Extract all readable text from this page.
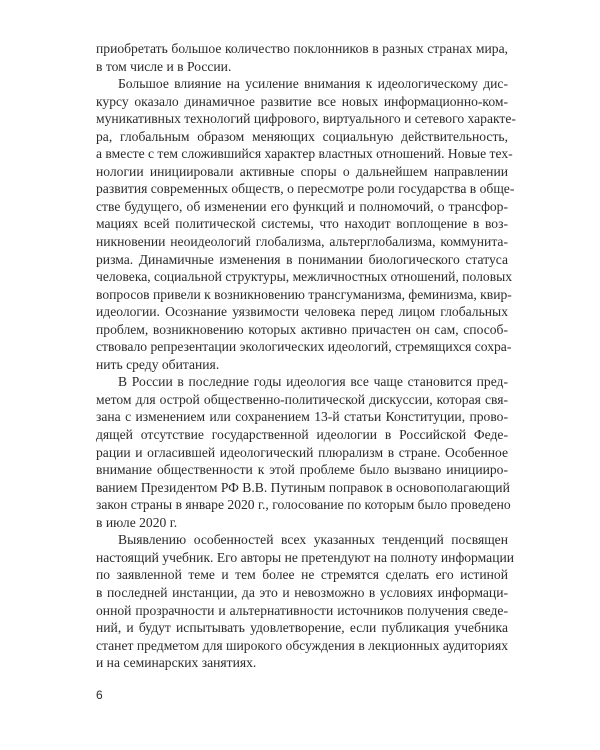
приобретать большое количество поклонников в разных странах мира,
в том числе и в России.
Большое влияние на усиление внимания к идеологическому дис-
курсу оказало динамичное развитие все новых информационно-ком-
муникативных технологий цифрового, виртуального и сетевого характе-
ра, глобальным образом меняющих социальную действительность,
а вместе с тем сложившийся характер властных отношений. Новые тех-
нологии инициировали активные споры о дальнейшем направлении
развития современных обществ, о пересмотре роли государства в обще-
стве будущего, об изменении его функций и полномочий, о трансфор-
мациях всей политической системы, что находит воплощение в воз-
никновении неоидеологий глобализма, альтерглобализма, коммунита-
ризма. Динамичные изменения в понимании биологического статуса
человека, социальной структуры, межличностных отношений, половых
вопросов привели к возникновению трансгуманизма, феминизма, квир-
идеологии. Осознание уязвимости человека перед лицом глобальных
проблем, возникновению которых активно причастен он сам, способ-
ствовало репрезентации экологических идеологий, стремящихся сохра-
нить среду обитания.
В России в последние годы идеология все чаще становится пред-
метом для острой общественно-политической дискуссии, которая свя-
зана с изменением или сохранением 13-й статьи Конституции, прово-
дящей отсутствие государственной идеологии в Российской Феде-
рации и огласившей идеологический плюрализм в стране. Особенное
внимание общественности к этой проблеме было вызвано иницииро-
ванием Президентом РФ В.В. Путиным поправок в основополагающий
закон страны в январе 2020 г., голосование по которым было проведено
в июле 2020 г.
Выявлению особенностей всех указанных тенденций посвящен
настоящий учебник. Его авторы не претендуют на полноту информации
по заявленной теме и тем более не стремятся сделать его истиной
в последней инстанции, да это и невозможно в условиях информаци-
онной прозрачности и альтернативности источников получения сведе-
ний, и будут испытывать удовлетворение, если публикация учебника
станет предметом для широкого обсуждения в лекционных аудиториях
и на семинарских занятиях.
6
